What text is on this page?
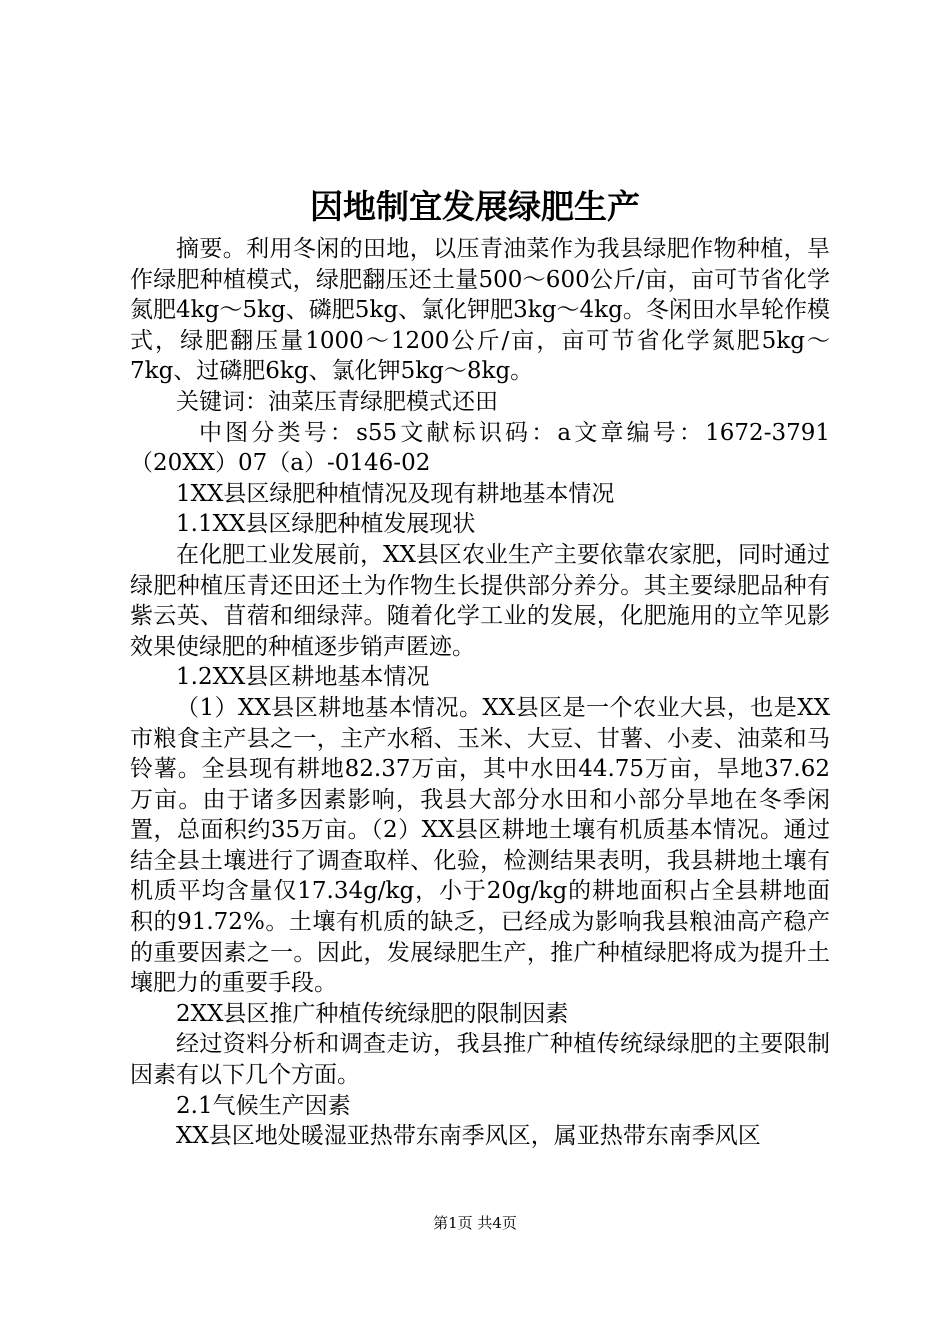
因地制宜发展绿肥生产

摘要。利用冬闲的田地，以压青油菜作为我县绿肥作物种植，旱作绿肥种植模式，绿肥翻压还土量500～600公斤/亩，亩可节省化学氮肥4kg～5kg、磷肥5kg、氯化钾肥3kg～4kg。冬闲田水旱轮作模式，绿肥翻压量1000～1200公斤/亩，亩可节省化学氮肥5kg～7kg、过磷肥6kg、氯化钾5kg～8kg。

关键词：油菜压青绿肥模式还田

中图分类号：s55文献标识码：a文章编号：1672-3791（20XX）07（a）-0146-02

1XX县区绿肥种植情况及现有耕地基本情况

1.1XX县区绿肥种植发展现状

在化肥工业发展前，XX县区农业生产主要依靠农家肥，同时通过绿肥种植压青还田还土为作物生长提供部分养分。其主要绿肥品种有紫云英、苜蓿和细绿萍。随着化学工业的发展，化肥施用的立竿见影效果使绿肥的种植逐步销声匿迹。

1.2XX县区耕地基本情况

（1）XX县区耕地基本情况。XX县区是一个农业大县，也是XX市粮食主产县之一，主产水稻、玉米、大豆、甘薯、小麦、油菜和马铃薯。全县现有耕地82.37万亩，其中水田44.75万亩，旱地37.62万亩。由于诸多因素影响，我县大部分水田和小部分旱地在冬季闲置，总面积约35万亩。（2）XX县区耕地土壤有机质基本情况。通过结全县土壤进行了调查取样、化验，检测结果表明，我县耕地土壤有机质平均含量仅17.34g/kg，小于20g/kg的耕地面积占全县耕地面积的91.72%。土壤有机质的缺乏，已经成为影响我县粮油高产稳产的重要因素之一。因此，发展绿肥生产，推广种植绿肥将成为提升土壤肥力的重要手段。

2XX县区推广种植传统绿肥的限制因素

经过资料分析和调查走访，我县推广种植传统绿绿肥的主要限制因素有以下几个方面。

2.1气候生产因素

XX县区地处暖湿亚热带东南季风区，属亚热带东南季风区

第1页 共4页
